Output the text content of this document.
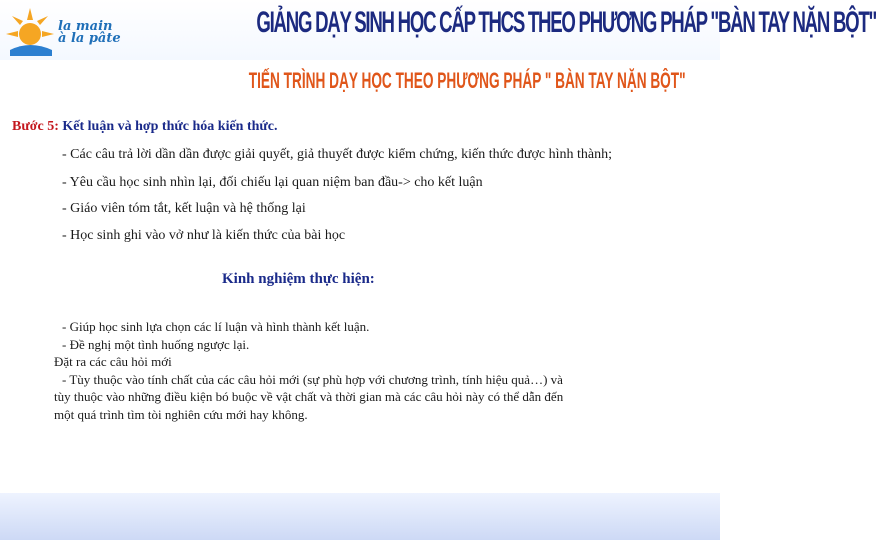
la main
à la pâte	GIẢNG DẠY SINH HỌC CẤP THCS THEO PHƯƠNG PHÁP "BÀN TAY NẶN BỘT"
TIẾN TRÌNH DẠY HỌC THEO PHƯƠNG PHÁP " BÀN TAY NẶN BỘT"
Bước 5: Kết luận và hợp thức hóa kiến thức.
- Các câu trả lời dần dần được giải quyết, giả thuyết được kiểm chứng, kiến thức được hình thành;
- Yêu cầu học sinh nhìn lại, đối chiếu lại quan niệm ban đầu-> cho kết luận
- Giáo viên tóm tắt, kết luận và hệ thống lại
- Học sinh ghi vào vở như là kiến thức của bài học
Kinh nghiệm thực hiện:
- Giúp học sinh lựa chọn các lí luận và hình thành kết luận.
- Đề nghị một tình huống ngược lại.
Đặt ra các câu hỏi mới
- Tùy thuộc vào tính chất của các câu hỏi mới (sự phù hợp với chương trình, tính hiệu quả…) và
tùy thuộc vào những điều kiện bó buộc về vật chất và thời gian mà các câu hỏi này có thể dẫn đến
một quá trình tìm tòi nghiên cứu mới hay không.
